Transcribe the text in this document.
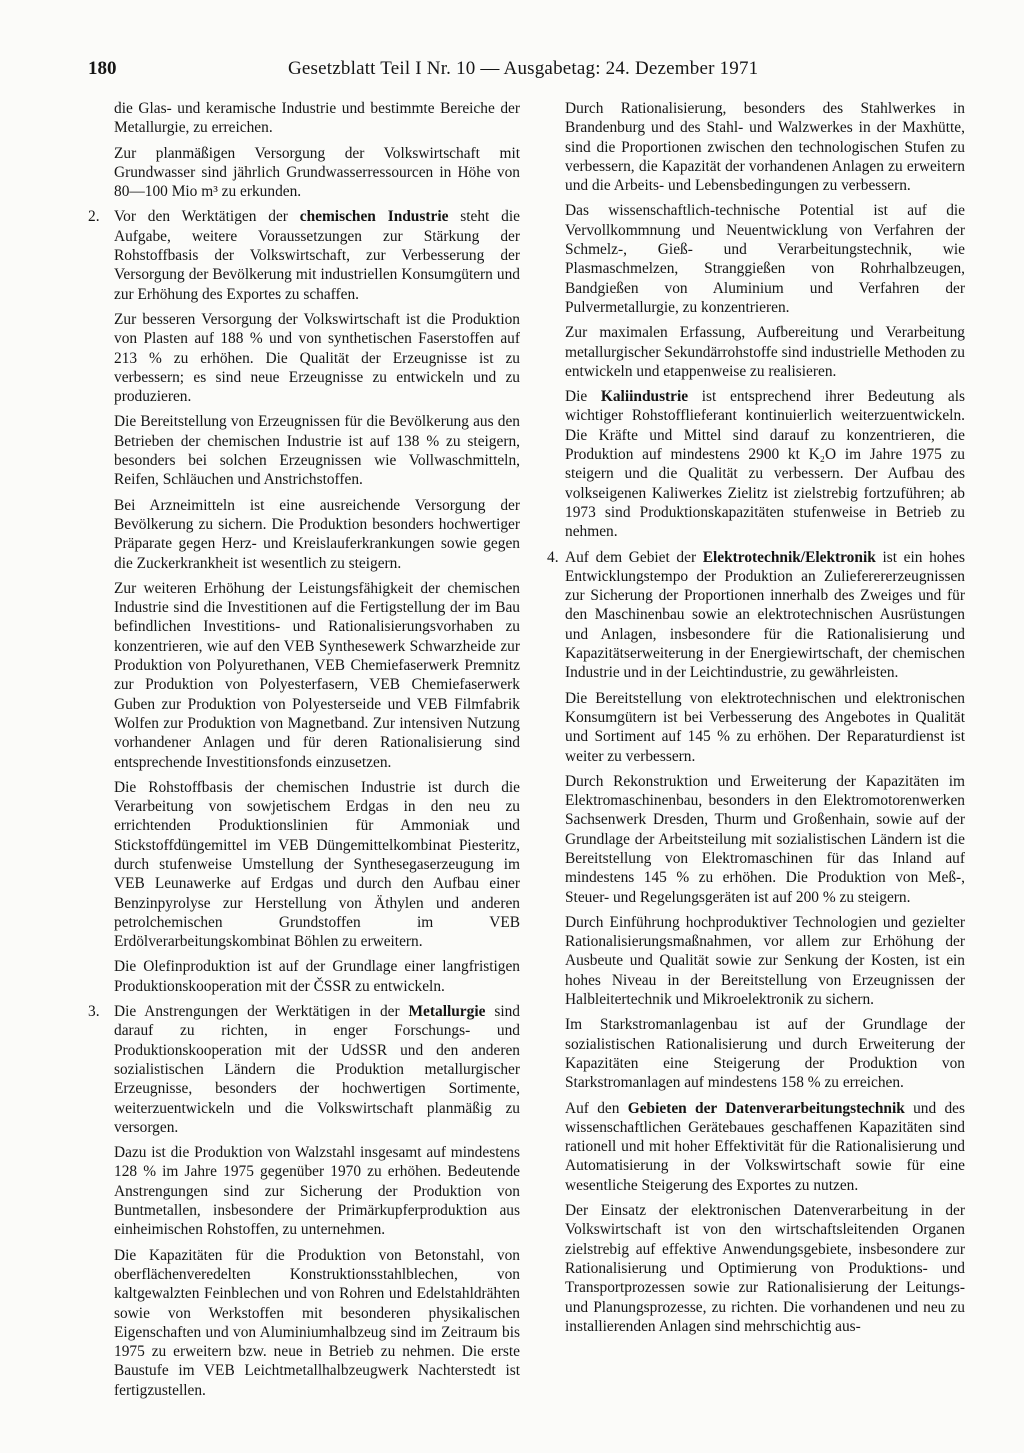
180	Gesetzblatt Teil I Nr. 10 — Ausgabetag: 24. Dezember 1971

die Glas- und keramische Industrie und bestimmte Bereiche der Metallurgie, zu erreichen.

Zur planmäßigen Versorgung der Volkswirtschaft mit Grundwasser sind jährlich Grundwasserressourcen in Höhe von 80—100 Mio m³ zu erkunden.

2. Vor den Werktätigen der chemischen Industrie steht die Aufgabe, weitere Voraussetzungen zur Stärkung der Rohstoffbasis der Volkswirtschaft, zur Verbesserung der Versorgung der Bevölkerung mit industriellen Konsumgütern und zur Erhöhung des Exportes zu schaffen.

Zur besseren Versorgung der Volkswirtschaft ist die Produktion von Plasten auf 188 % und von synthetischen Faserstoffen auf 213 % zu erhöhen. Die Qualität der Erzeugnisse ist zu verbessern; es sind neue Erzeugnisse zu entwickeln und zu produzieren.

Die Bereitstellung von Erzeugnissen für die Bevölkerung aus den Betrieben der chemischen Industrie ist auf 138 % zu steigern, besonders bei solchen Erzeugnissen wie Vollwaschmitteln, Reifen, Schläuchen und Anstrichstoffen.

Bei Arzneimitteln ist eine ausreichende Versorgung der Bevölkerung zu sichern. Die Produktion besonders hochwertiger Präparate gegen Herz- und Kreislauferkrankungen sowie gegen die Zuckerkrankheit ist wesentlich zu steigern.

Zur weiteren Erhöhung der Leistungsfähigkeit der chemischen Industrie sind die Investitionen auf die Fertigstellung der im Bau befindlichen Investitions- und Rationalisierungsvorhaben zu konzentrieren, wie auf den VEB Synthesewerk Schwarzheide zur Produktion von Polyurethanen, VEB Chemiefaserwerk Premnitz zur Produktion von Polyesterfasern, VEB Chemiefaserwerk Guben zur Produktion von Polyesterseide und VEB Filmfabrik Wolfen zur Produktion von Magnetband. Zur intensiven Nutzung vorhandener Anlagen und für deren Rationalisierung sind entsprechende Investitionsfonds einzusetzen.

Die Rohstoffbasis der chemischen Industrie ist durch die Verarbeitung von sowjetischem Erdgas in den neu zu errichtenden Produktionslinien für Ammoniak und Stickstoffdüngemittel im VEB Düngemittelkombinat Piesteritz, durch stufenweise Umstellung der Synthesegaserzeugung im VEB Leunawerke auf Erdgas und durch den Aufbau einer Benzinpyrolyse zur Herstellung von Äthylen und anderen petrolchemischen Grundstoffen im VEB Erdölverarbeitungskombinat Böhlen zu erweitern.

Die Olefinproduktion ist auf der Grundlage einer langfristigen Produktionskooperation mit der ČSSR zu entwickeln.

3. Die Anstrengungen der Werktätigen in der Metallurgie sind darauf zu richten, in enger Forschungs- und Produktionskooperation mit der UdSSR und den anderen sozialistischen Ländern die Produktion metallurgischer Erzeugnisse, besonders der hochwertigen Sortimente, weiterzuentwickeln und die Volkswirtschaft planmäßig zu versorgen.

Dazu ist die Produktion von Walzstahl insgesamt auf mindestens 128 % im Jahre 1975 gegenüber 1970 zu erhöhen. Bedeutende Anstrengungen sind zur Sicherung der Produktion von Buntmetallen, insbesondere der Primärkupferproduktion aus einheimischen Rohstoffen, zu unternehmen.

Die Kapazitäten für die Produktion von Betonstahl, von oberflächenveredelten Konstruktionsstahlblechen, von kaltgewalzten Feinblechen und von Rohren und Edelstahldrähten sowie von Werkstoffen mit besonderen physikalischen Eigenschaften und von Aluminiumhalbzeug sind im Zeitraum bis 1975 zu erweitern bzw. neue in Betrieb zu nehmen. Die erste Baustufe im VEB Leichtmetallhalbzeugwerk Nachterstedt ist fertigzustellen.

Durch Rationalisierung, besonders des Stahlwerkes in Brandenburg und des Stahl- und Walzwerkes in der Maxhütte, sind die Proportionen zwischen den technologischen Stufen zu verbessern, die Kapazität der vorhandenen Anlagen zu erweitern und die Arbeits- und Lebensbedingungen zu verbessern.

Das wissenschaftlich-technische Potential ist auf die Vervollkommnung und Neuentwicklung von Verfahren der Schmelz-, Gieß- und Verarbeitungstechnik, wie Plasmaschmelzen, Stranggießen von Rohrhalbzeugen, Bandgießen von Aluminium und Verfahren der Pulvermetallurgie, zu konzentrieren.

Zur maximalen Erfassung, Aufbereitung und Verarbeitung metallurgischer Sekundärrohstoffe sind industrielle Methoden zu entwickeln und etappenweise zu realisieren.

Die Kaliindustrie ist entsprechend ihrer Bedeutung als wichtiger Rohstofflieferant kontinuierlich weiterzuentwickeln. Die Kräfte und Mittel sind darauf zu konzentrieren, die Produktion auf mindestens 2900 kt K₂O im Jahre 1975 zu steigern und die Qualität zu verbessern. Der Aufbau des volkseigenen Kaliwerkes Zielitz ist zielstrebig fortzuführen; ab 1973 sind Produktionskapazitäten stufenweise in Betrieb zu nehmen.

4. Auf dem Gebiet der Elektrotechnik/Elektronik ist ein hohes Entwicklungstempo der Produktion an Zulieferererzeugnissen zur Sicherung der Proportionen innerhalb des Zweiges und für den Maschinenbau sowie an elektrotechnischen Ausrüstungen und Anlagen, insbesondere für die Rationalisierung und Kapazitätserweiterung in der Energiewirtschaft, der chemischen Industrie und in der Leichtindustrie, zu gewährleisten.

Die Bereitstellung von elektrotechnischen und elektronischen Konsumgütern ist bei Verbesserung des Angebotes in Qualität und Sortiment auf 145 % zu erhöhen. Der Reparaturdienst ist weiter zu verbessern.

Durch Rekonstruktion und Erweiterung der Kapazitäten im Elektromaschinenbau, besonders in den Elektromotorenwerken Sachsenwerk Dresden, Thurm und Großenhain, sowie auf der Grundlage der Arbeitsteilung mit sozialistischen Ländern ist die Bereitstellung von Elektromaschinen für das Inland auf mindestens 145 % zu erhöhen. Die Produktion von Meß-, Steuer- und Regelungsgeräten ist auf 200 % zu steigern.

Durch Einführung hochproduktiver Technologien und gezielter Rationalisierungsmaßnahmen, vor allem zur Erhöhung der Ausbeute und Qualität sowie zur Senkung der Kosten, ist ein hohes Niveau in der Bereitstellung von Erzeugnissen der Halbleitertechnik und Mikroelektronik zu sichern.

Im Starkstromanlagenbau ist auf der Grundlage der sozialistischen Rationalisierung und durch Erweiterung der Kapazitäten eine Steigerung der Produktion von Starkstromanlagen auf mindestens 158 % zu erreichen.

Auf den Gebieten der Datenverarbeitungstechnik und des wissenschaftlichen Gerätebaues geschaffenen Kapazitäten sind rationell und mit hoher Effektivität für die Rationalisierung und Automatisierung in der Volkswirtschaft sowie für eine wesentliche Steigerung des Exportes zu nutzen.

Der Einsatz der elektronischen Datenverarbeitung in der Volkswirtschaft ist von den wirtschaftsleitenden Organen zielstrebig auf effektive Anwendungsgebiete, insbesondere zur Rationalisierung und Optimierung von Produktions- und Transportprozessen sowie zur Rationalisierung der Leitungs- und Planungsprozesse, zu richten. Die vorhandenen und neu zu installierenden Anlagen sind mehrschichtig aus-
